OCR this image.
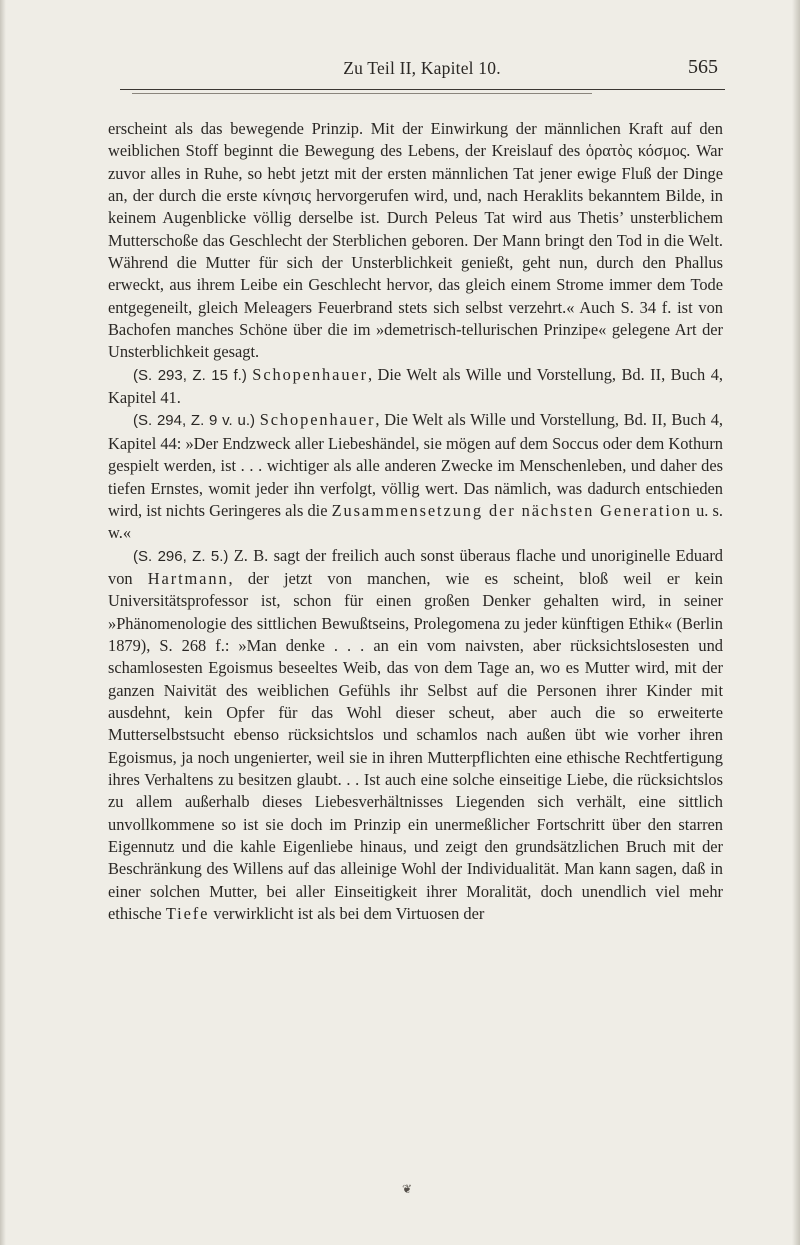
Zu Teil II, Kapitel 10.	565

erscheint als das bewegende Prinzip. Mit der Einwirkung der männlichen Kraft auf den weiblichen Stoff beginnt die Bewegung des Lebens, der Kreislauf des ὁρατὸς κόσμος. War zuvor alles in Ruhe, so hebt jetzt mit der ersten männlichen Tat jener ewige Fluß der Dinge an, der durch die erste κίνησις hervorgerufen wird, und, nach Heraklits bekanntem Bilde, in keinem Augenblicke völlig derselbe ist. Durch Peleus Tat wird aus Thetis’ unsterblichem Mutterschoße das Geschlecht der Sterblichen geboren. Der Mann bringt den Tod in die Welt. Während die Mutter für sich der Unsterblichkeit genießt, geht nun, durch den Phallus erweckt, aus ihrem Leibe ein Geschlecht hervor, das gleich einem Strome immer dem Tode entgegeneilt, gleich Meleagers Feuerbrand stets sich selbst verzehrt.« Auch S. 34 f. ist von Bachofen manches Schöne über die im »demetrisch-tellurischen Prinzipe« gelegene Art der Unsterblichkeit gesagt.

(S. 293, Z. 15 f.) Schopenhauer, Die Welt als Wille und Vorstellung, Bd. II, Buch 4, Kapitel 41.

(S. 294, Z. 9 v. u.) Schopenhauer, Die Welt als Wille und Vorstellung, Bd. II, Buch 4, Kapitel 44: »Der Endzweck aller Liebeshändel, sie mögen auf dem Soccus oder dem Kothurn gespielt werden, ist . . . wichtiger als alle anderen Zwecke im Menschenleben, und daher des tiefen Ernstes, womit jeder ihn verfolgt, völlig wert. Das nämlich, was dadurch entschieden wird, ist nichts Geringeres als die Zusammensetzung der nächsten Generation u. s. w.«

(S. 296, Z. 5.) Z. B. sagt der freilich auch sonst überaus flache und unoriginelle Eduard von Hartmann, der jetzt von manchen, wie es scheint, bloß weil er kein Universitätsprofessor ist, schon für einen großen Denker gehalten wird, in seiner »Phänomenologie des sittlichen Bewußtseins, Prolegomena zu jeder künftigen Ethik« (Berlin 1879), S. 268 f.: »Man denke . . . an ein vom naivsten, aber rücksichtslosesten und schamlosesten Egoismus beseeltes Weib, das von dem Tage an, wo es Mutter wird, mit der ganzen Naivität des weiblichen Gefühls ihr Selbst auf die Personen ihrer Kinder mit ausdehnt, kein Opfer für das Wohl dieser scheut, aber auch die so erweiterte Mutterselbstsucht ebenso rücksichtslos und schamlos nach außen übt wie vorher ihren Egoismus, ja noch ungenierter, weil sie in ihren Mutterpflichten eine ethische Rechtfertigung ihres Verhaltens zu besitzen glaubt. . . Ist auch eine solche einseitige Liebe, die rücksichtslos zu allem außerhalb dieses Liebesverhältnisses Liegenden sich verhält, eine sittlich unvollkommene so ist sie doch im Prinzip ein unermeßlicher Fortschritt über den starren Eigennutz und die kahle Eigenliebe hinaus, und zeigt den grundsätzlichen Bruch mit der Beschränkung des Willens auf das alleinige Wohl der Individualität. Man kann sagen, daß in einer solchen Mutter, bei aller Einseitigkeit ihrer Moralität, doch unendlich viel mehr ethische Tiefe verwirklicht ist als bei dem Virtuosen der

❦
